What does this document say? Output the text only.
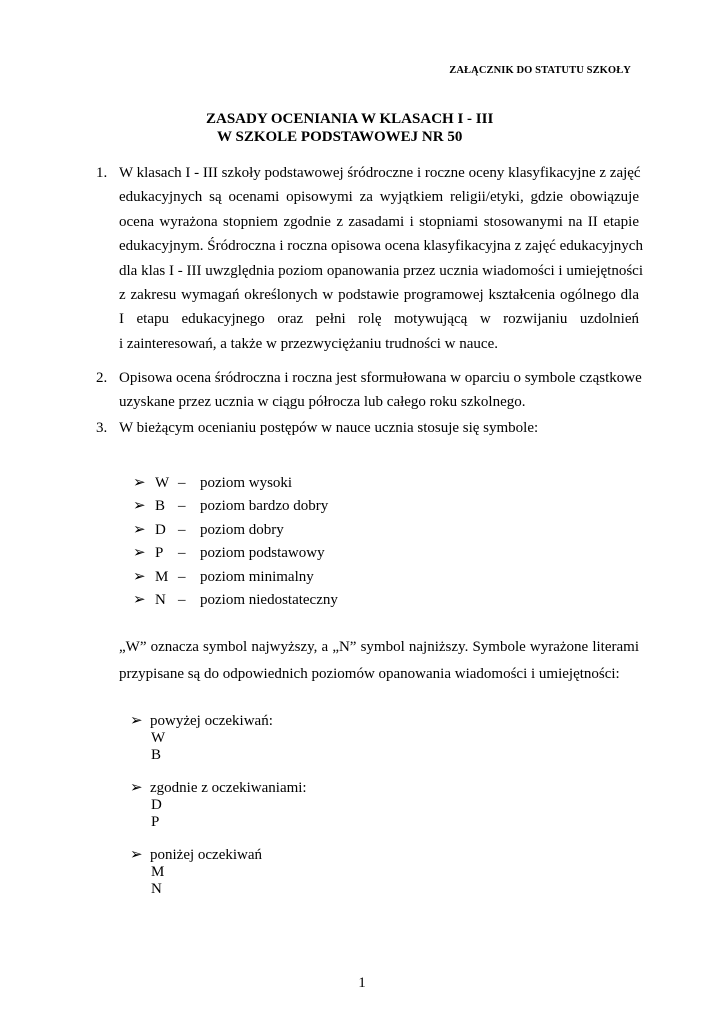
ZAŁĄCZNIK DO STATUTU SZKOŁY
ZASADY OCENIANIA W KLASACH I - III
W SZKOLE PODSTAWOWEJ NR 50
1. W klasach I - III szkoły podstawowej śródroczne i roczne oceny klasyfikacyjne z zajęć
edukacyjnych są ocenami opisowymi za wyjątkiem religii/etyki, gdzie obowiązuje
ocena wyrażona stopniem zgodnie z zasadami i stopniami stosowanymi na II etapie
edukacyjnym. Śródroczna i roczna opisowa ocena klasyfikacyjna z zajęć edukacyjnych
dla klas I - III uwzględnia poziom opanowania przez ucznia wiadomości i umiejętności
z zakresu wymagań określonych w podstawie programowej kształcenia ogólnego dla
I etapu edukacyjnego oraz pełni rolę motywującą w rozwijaniu uzdolnień
i zainteresowań, a także w przezwyciężaniu trudności w nauce.
2. Opisowa ocena śródroczna i roczna jest sformułowana w oparciu o symbole cząstkowe
uzyskane przez ucznia w ciągu półrocza lub całego roku szkolnego.
3. W bieżącym ocenianiu postępów w nauce ucznia stosuje się symbole:
➢ W – poziom wysoki
➢ B – poziom bardzo dobry
➢ D – poziom dobry
➢ P – poziom podstawowy
➢ M – poziom minimalny
➢ N – poziom niedostateczny
„W” oznacza symbol najwyższy, a „N” symbol najniższy. Symbole wyrażone literami
przypisane są do odpowiednich poziomów opanowania wiadomości i umiejętności:
➢ powyżej oczekiwań:
W
B
➢ zgodnie z oczekiwaniami:
D
P
➢ poniżej oczekiwań
M
N
1
